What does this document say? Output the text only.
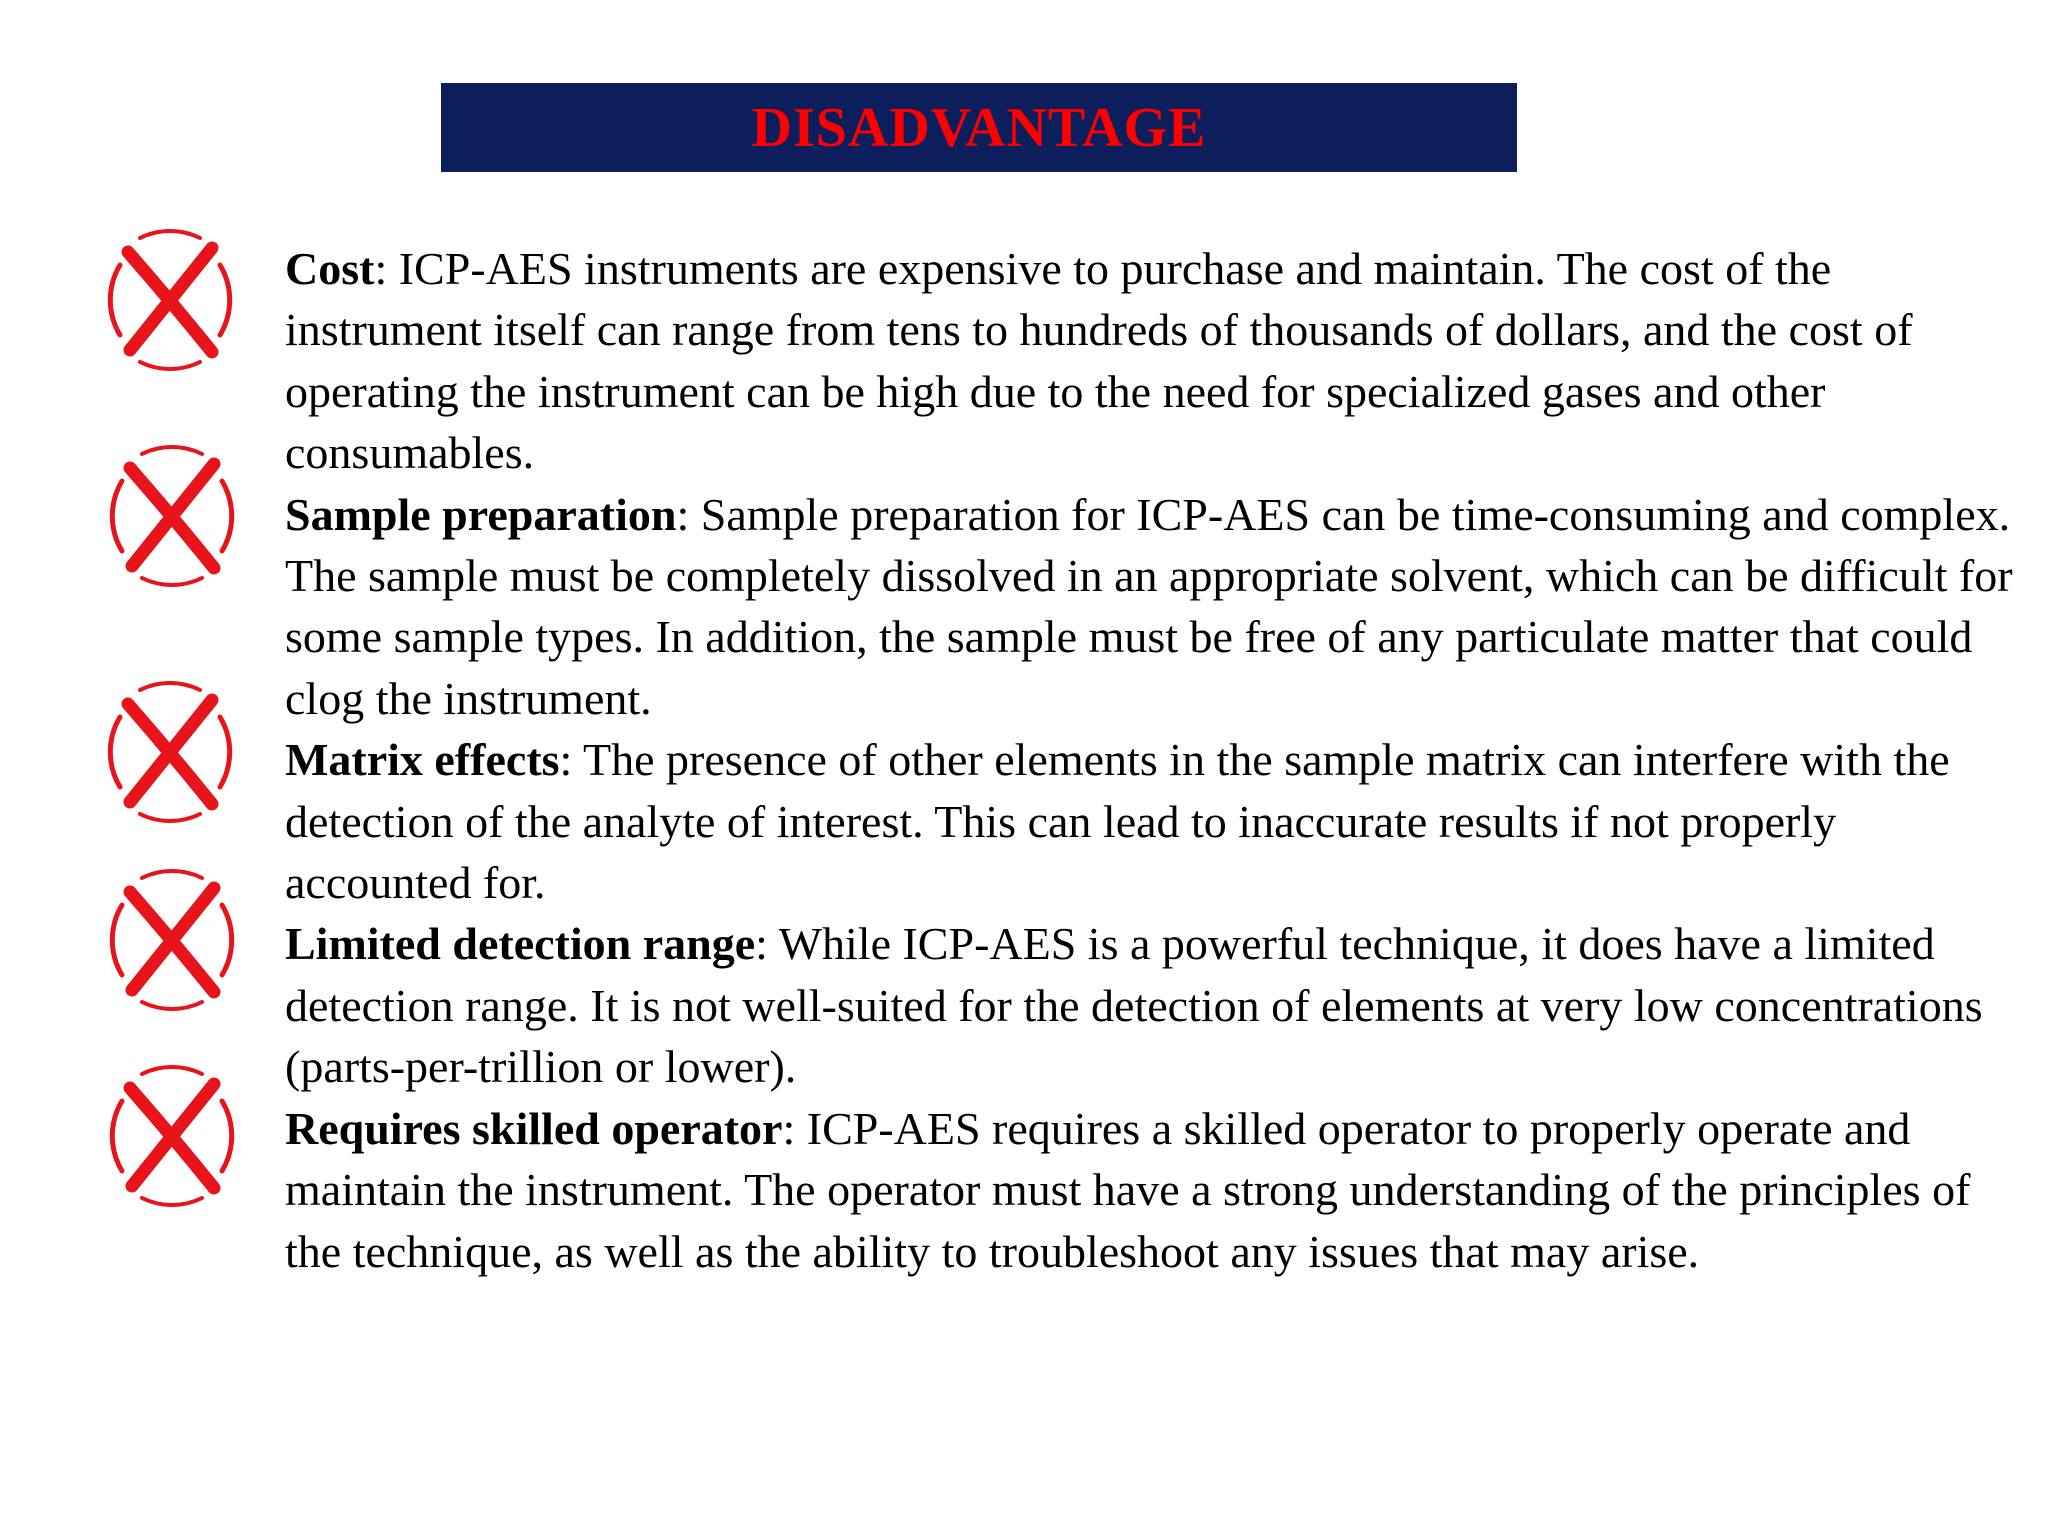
DISADVANTAGE

Cost: ICP-AES instruments are expensive to purchase and maintain. The cost of the instrument itself can range from tens to hundreds of thousands of dollars, and the cost of operating the instrument can be high due to the need for specialized gases and other consumables.

Sample preparation: Sample preparation for ICP-AES can be time-consuming and complex. The sample must be completely dissolved in an appropriate solvent, which can be difficult for some sample types. In addition, the sample must be free of any particulate matter that could clog the instrument.

Matrix effects: The presence of other elements in the sample matrix can interfere with the detection of the analyte of interest. This can lead to inaccurate results if not properly accounted for.

Limited detection range: While ICP-AES is a powerful technique, it does have a limited detection range. It is not well-suited for the detection of elements at very low concentrations (parts-per-trillion or lower).

Requires skilled operator: ICP-AES requires a skilled operator to properly operate and maintain the instrument. The operator must have a strong understanding of the principles of the technique, as well as the ability to troubleshoot any issues that may arise.
